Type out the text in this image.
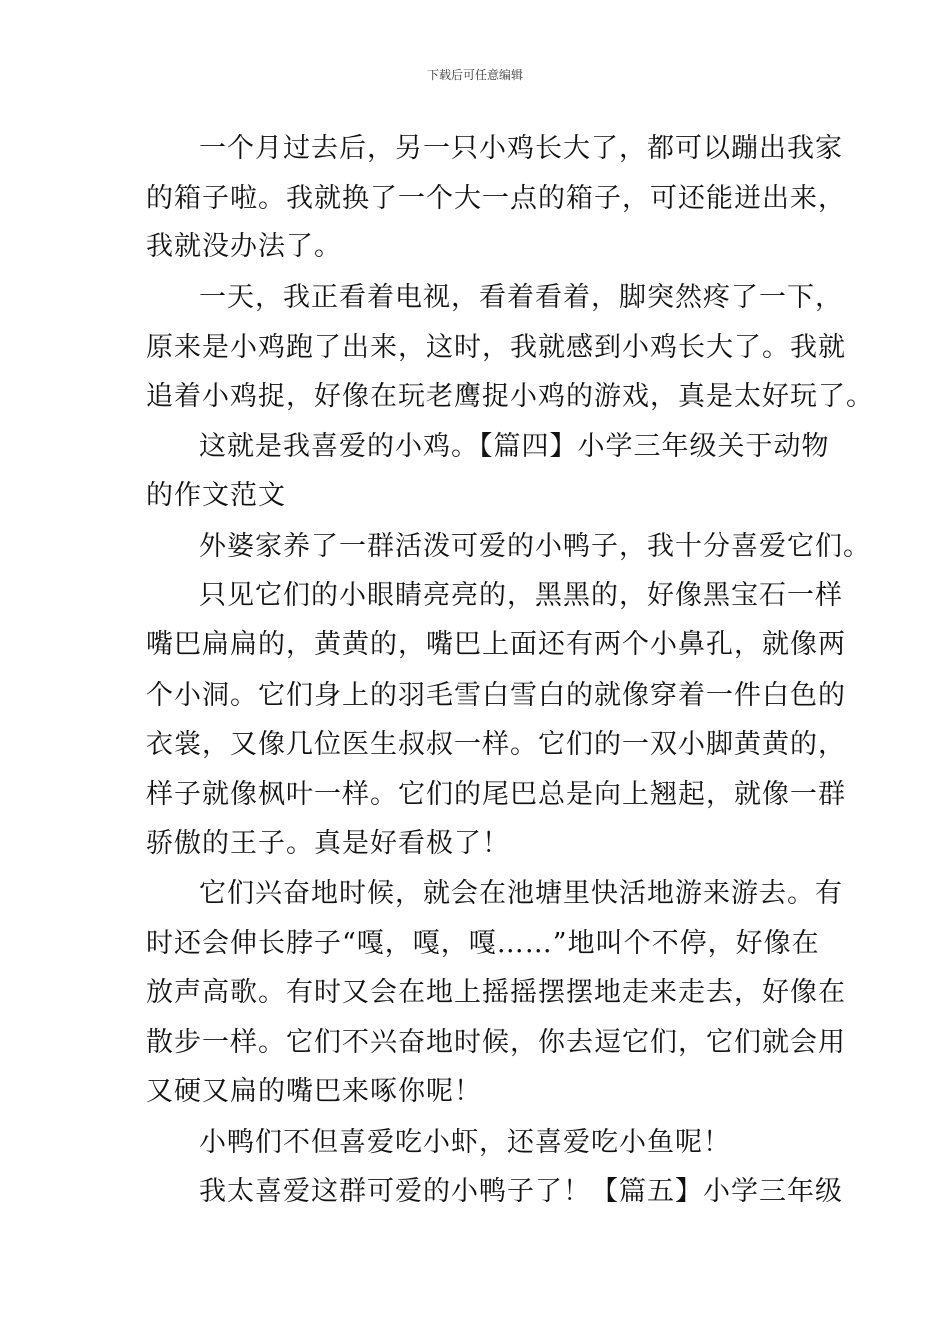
下载后可任意编辑
一个月过去后，另一只小鸡长大了，都可以蹦出我家
的箱子啦。我就换了一个大一点的箱子，可还能迸出来，
我就没办法了。
一天，我正看着电视，看着看着，脚突然疼了一下，
原来是小鸡跑了出来，这时，我就感到小鸡长大了。我就
追着小鸡捉，好像在玩老鹰捉小鸡的游戏，真是太好玩了。
这就是我喜爱的小鸡。【篇四】小学三年级关于动物
的作文范文
外婆家养了一群活泼可爱的小鸭子，我十分喜爱它们。
只见它们的小眼睛亮亮的，黑黑的，好像黑宝石一样
嘴巴扁扁的，黄黄的，嘴巴上面还有两个小鼻孔，就像两
个小洞。它们身上的羽毛雪白雪白的就像穿着一件白色的
衣裳，又像几位医生叔叔一样。它们的一双小脚黄黄的，
样子就像枫叶一样。它们的尾巴总是向上翘起，就像一群
骄傲的王子。真是好看极了！
它们兴奋地时候，就会在池塘里快活地游来游去。有
时还会伸长脖子“嘎，嘎，嘎……”地叫个不停，好像在
放声高歌。有时又会在地上摇摇摆摆地走来走去，好像在
散步一样。它们不兴奋地时候，你去逗它们，它们就会用
又硬又扁的嘴巴来啄你呢！
小鸭们不但喜爱吃小虾，还喜爱吃小鱼呢！
我太喜爱这群可爱的小鸭子了！【篇五】小学三年级
